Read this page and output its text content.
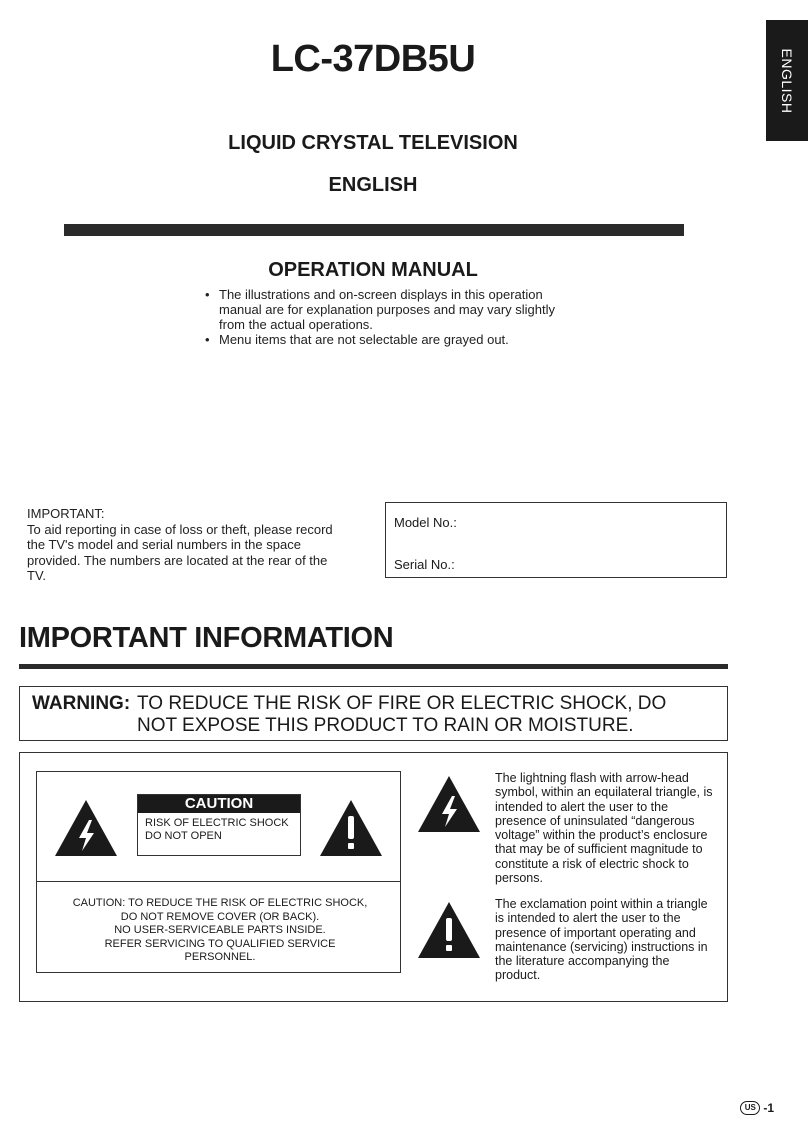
ENGLISH
LC-37DB5U
LIQUID CRYSTAL TELEVISION
ENGLISH
OPERATION MANUAL
• The illustrations and on-screen displays in this operation manual are for explanation purposes and may vary slightly from the actual operations.
• Menu items that are not selectable are grayed out.
IMPORTANT:
To aid reporting in case of loss or theft, please record the TV's model and serial numbers in the space provided. The numbers are located at the rear of the TV.
Model No.:
Serial No.:
IMPORTANT INFORMATION
WARNING: TO REDUCE THE RISK OF FIRE OR ELECTRIC SHOCK, DO NOT EXPOSE THIS PRODUCT TO RAIN OR MOISTURE.
CAUTION
RISK OF ELECTRIC SHOCK
DO NOT OPEN
CAUTION: TO REDUCE THE RISK OF ELECTRIC SHOCK,
DO NOT REMOVE COVER (OR BACK).
NO USER-SERVICEABLE PARTS INSIDE.
REFER SERVICING TO QUALIFIED SERVICE
PERSONNEL.
The lightning flash with arrow-head symbol, within an equilateral triangle, is intended to alert the user to the presence of uninsulated “dangerous voltage” within the product’s enclosure that may be of sufficient magnitude to constitute a risk of electric shock to persons.
The exclamation point within a triangle is intended to alert the user to the presence of important operating and maintenance (servicing) instructions in the literature accompanying the product.
US -1
